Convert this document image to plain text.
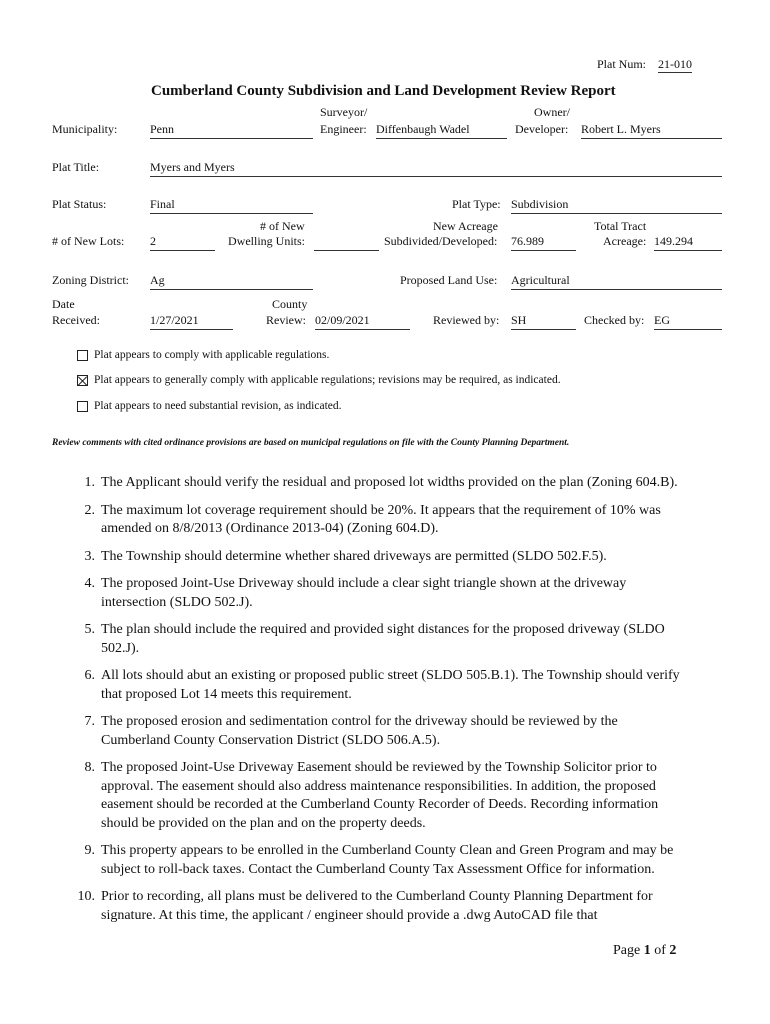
Plat Num: 21-010
Cumberland County Subdivision and Land Development Review Report
Municipality:	Penn
Surveyor/
Engineer: Diffenbaugh Wadel
Owner/
Developer: Robert L. Myers
Plat Title:	Myers and Myers
Plat Status:	Final	Plat Type: Subdivision
# of New Lots: 2
# of New
Dwelling Units:
New Acreage
Subdivided/Developed: 76.989
Total Tract
Acreage: 149.294
Zoning District: Ag	Proposed Land Use: Agricultural
Date
Received:	1/27/2021
County
Review: 02/09/2021	Reviewed by: SH	Checked by: EG
Plat appears to comply with applicable regulations.
Plat appears to generally comply with applicable regulations; revisions may be required, as indicated.
Plat appears to need substantial revision, as indicated.
Review comments with cited ordinance provisions are based on municipal regulations on file with the County Planning Department.
1. The Applicant should verify the residual and proposed lot widths provided on the plan (Zoning 604.B).
2. The maximum lot coverage requirement should be 20%. It appears that the requirement of 10% was amended on 8/8/2013 (Ordinance 2013-04) (Zoning 604.D).
3. The Township should determine whether shared driveways are permitted (SLDO 502.F.5).
4. The proposed Joint-Use Driveway should include a clear sight triangle shown at the driveway intersection (SLDO 502.J).
5. The plan should include the required and provided sight distances for the proposed driveway (SLDO 502.J).
6. All lots should abut an existing or proposed public street (SLDO 505.B.1). The Township should verify that proposed Lot 14 meets this requirement.
7. The proposed erosion and sedimentation control for the driveway should be reviewed by the Cumberland County Conservation District (SLDO 506.A.5).
8. The proposed Joint-Use Driveway Easement should be reviewed by the Township Solicitor prior to approval. The easement should also address maintenance responsibilities. In addition, the proposed easement should be recorded at the Cumberland County Recorder of Deeds. Recording information should be provided on the plan and on the property deeds.
9. This property appears to be enrolled in the Cumberland County Clean and Green Program and may be subject to roll-back taxes. Contact the Cumberland County Tax Assessment Office for information.
10. Prior to recording, all plans must be delivered to the Cumberland County Planning Department for signature. At this time, the applicant / engineer should provide a .dwg AutoCAD file that
Page 1 of 2
